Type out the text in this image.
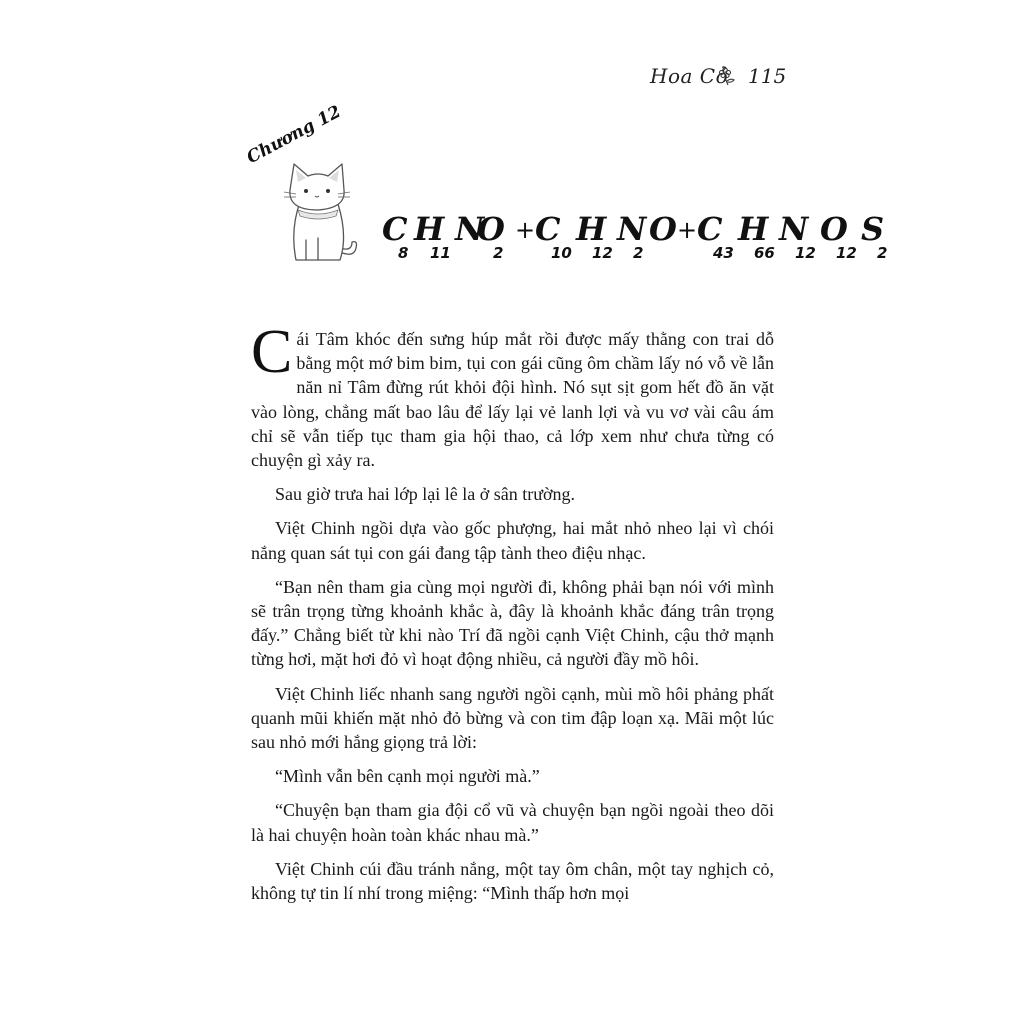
Hoa Cỏ 115
Chương 12
C
8
H
11
N
O
2
+ C
10
H
12
N
2
O + C
43
H
66
N
12
O
12
S
2

Cái Tâm khóc đến sưng húp mắt rồi được mấy thằng con trai dỗ bằng một mớ bim bim, tụi con gái cũng ôm chầm lấy nó vỗ về lẫn năn nỉ Tâm đừng rút khỏi đội hình. Nó sụt sịt gom hết đồ ăn vặt vào lòng, chẳng mất bao lâu để lấy lại vẻ lanh lợi và vu vơ vài câu ám chỉ sẽ vẫn tiếp tục tham gia hội thao, cả lớp xem như chưa từng có chuyện gì xảy ra.

Sau giờ trưa hai lớp lại lê la ở sân trường.

Việt Chinh ngồi dựa vào gốc phượng, hai mắt nhỏ nheo lại vì chói nắng quan sát tụi con gái đang tập tành theo điệu nhạc.

“Bạn nên tham gia cùng mọi người đi, không phải bạn nói với mình sẽ trân trọng từng khoảnh khắc à, đây là khoảnh khắc đáng trân trọng đấy.” Chẳng biết từ khi nào Trí đã ngồi cạnh Việt Chinh, cậu thở mạnh từng hơi, mặt hơi đỏ vì hoạt động nhiều, cả người đầy mồ hôi.

Việt Chinh liếc nhanh sang người ngồi cạnh, mùi mồ hôi phảng phất quanh mũi khiến mặt nhỏ đỏ bừng và con tim đập loạn xạ. Mãi một lúc sau nhỏ mới hắng giọng trả lời:

“Mình vẫn bên cạnh mọi người mà.”

“Chuyện bạn tham gia đội cổ vũ và chuyện bạn ngồi ngoài theo dõi là hai chuyện hoàn toàn khác nhau mà.”

Việt Chinh cúi đầu tránh nắng, một tay ôm chân, một tay nghịch cỏ, không tự tin lí nhí trong miệng: “Mình thấp hơn mọi
